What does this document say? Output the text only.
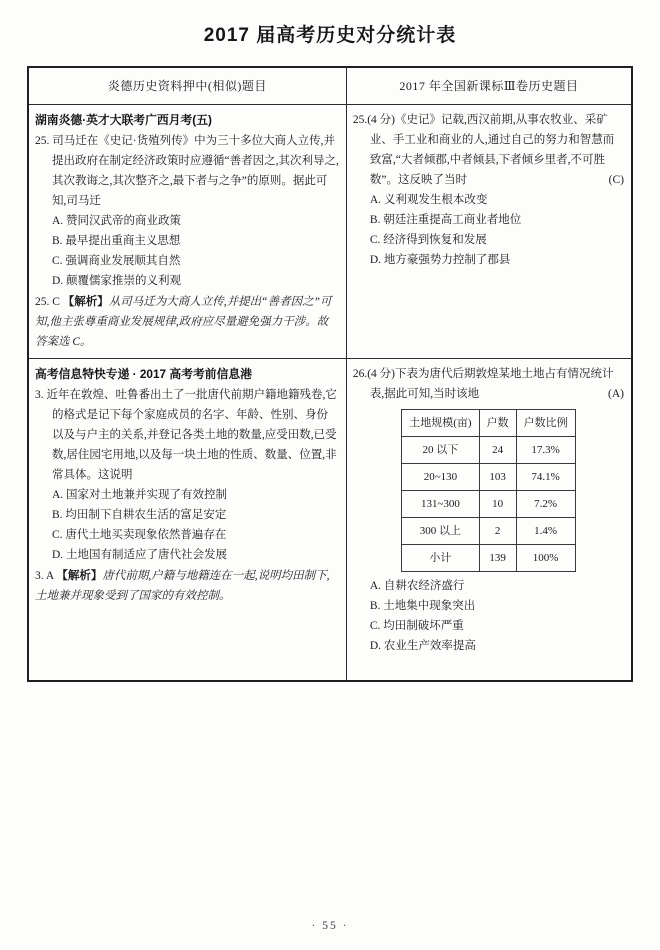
2017 届高考历史对分统计表
炎德历史资料押中(相似)题目	2017 年全国新课标Ⅲ卷历史题目
湖南炎德·英才大联考广西月考(五)
25. 司马迁在《史记·货殖列传》中为三十多位大商人立传,并提出政府在制定经济政策时应遵循“善者因之,其次利导之,其次教诲之,其次整齐之,最下者与之争”的原则。据此可知,司马迁
A. 赞同汉武帝的商业政策
B. 最早提出重商主义思想
C. 强调商业发展顺其自然
D. 颠覆儒家推崇的义利观
25. C 【解析】从司马迁为大商人立传,并提出“善者因之”可知,他主张尊重商业发展规律,政府应尽量避免强力干涉。故答案选 C。
25.(4 分)《史记》记载,西汉前期,从事农牧业、采矿业、手工业和商业的人,通过自己的努力和智慧而致富,“大者倾郡,中者倾县,下者倾乡里者,不可胜数”。这反映了当时	(C)
A. 义利观发生根本改变
B. 朝廷注重提高工商业者地位
C. 经济得到恢复和发展
D. 地方豪强势力控制了郡县
高考信息特快专递 · 2017 高考考前信息港
3. 近年在敦煌、吐鲁番出土了一批唐代前期户籍地籍残卷,它的格式是记下每个家庭成员的名字、年龄、性别、身份以及与户主的关系,并登记各类土地的数量,应受田数,已受数,居住园宅用地,以及每一块土地的性质、数量、位置,非常具体。这说明
A. 国家对土地兼并实现了有效控制
B. 均田制下自耕农生活的富足安定
C. 唐代土地买卖现象依然普遍存在
D. 土地国有制适应了唐代社会发展
3. A 【解析】唐代前期,户籍与地籍连在一起,说明均田制下,土地兼并现象受到了国家的有效控制。
26.(4 分)下表为唐代后期敦煌某地土地占有情况统计表,据此可知,当时该地	(A)
土地规模(亩)	户数	户数比例
20 以下	24	17.3%
20~130	103	74.1%
131~300	10	7.2%
300 以上	2	1.4%
小计	139	100%
A. 自耕农经济盛行
B. 土地集中现象突出
C. 均田制破坏严重
D. 农业生产效率提高
· 55 ·
